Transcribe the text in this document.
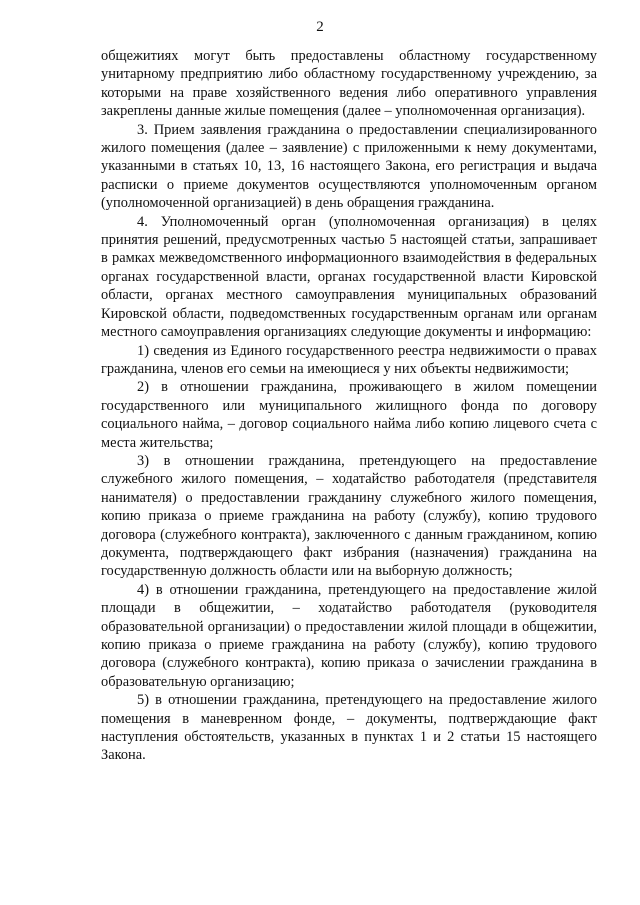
2

общежитиях могут быть предоставлены областному государственному унитарному предприятию либо областному государственному учреждению, за которыми на праве хозяйственного ведения либо оперативного управления закреплены данные жилые помещения (далее – уполномоченная организация).

3. Прием заявления гражданина о предоставлении специализированного жилого помещения (далее – заявление) с приложенными к нему документами, указанными в статьях 10, 13, 16 настоящего Закона, его регистрация и выдача расписки о приеме документов осуществляются уполномоченным органом (уполномоченной организацией) в день обращения гражданина.

4. Уполномоченный орган (уполномоченная организация) в целях принятия решений, предусмотренных частью 5 настоящей статьи, запрашивает в рамках межведомственного информационного взаимодействия в федеральных органах государственной власти, органах государственной власти Кировской области, органах местного самоуправления муниципальных образований Кировской области, подведомственных государственным органам или органам местного самоуправления организациях следующие документы и информацию:

1) сведения из Единого государственного реестра недвижимости о правах гражданина, членов его семьи на имеющиеся у них объекты недвижимости;

2) в отношении гражданина, проживающего в жилом помещении государственного или муниципального жилищного фонда по договору социального найма, – договор социального найма либо копию лицевого счета с места жительства;

3) в отношении гражданина, претендующего на предоставление служебного жилого помещения, – ходатайство работодателя (представителя нанимателя) о предоставлении гражданину служебного жилого помещения, копию приказа о приеме гражданина на работу (службу), копию трудового договора (служебного контракта), заключенного с данным гражданином, копию документа, подтверждающего факт избрания (назначения) гражданина на государственную должность области или на выборную должность;

4) в отношении гражданина, претендующего на предоставление жилой площади в общежитии, – ходатайство работодателя (руководителя образовательной организации) о предоставлении жилой площади в общежитии, копию приказа о приеме гражданина на работу (службу), копию трудового договора (служебного контракта), копию приказа о зачислении гражданина в образовательную организацию;

5) в отношении гражданина, претендующего на предоставление жилого помещения в маневренном фонде, – документы, подтверждающие факт наступления обстоятельств, указанных в пунктах 1 и 2 статьи 15 настоящего Закона.
